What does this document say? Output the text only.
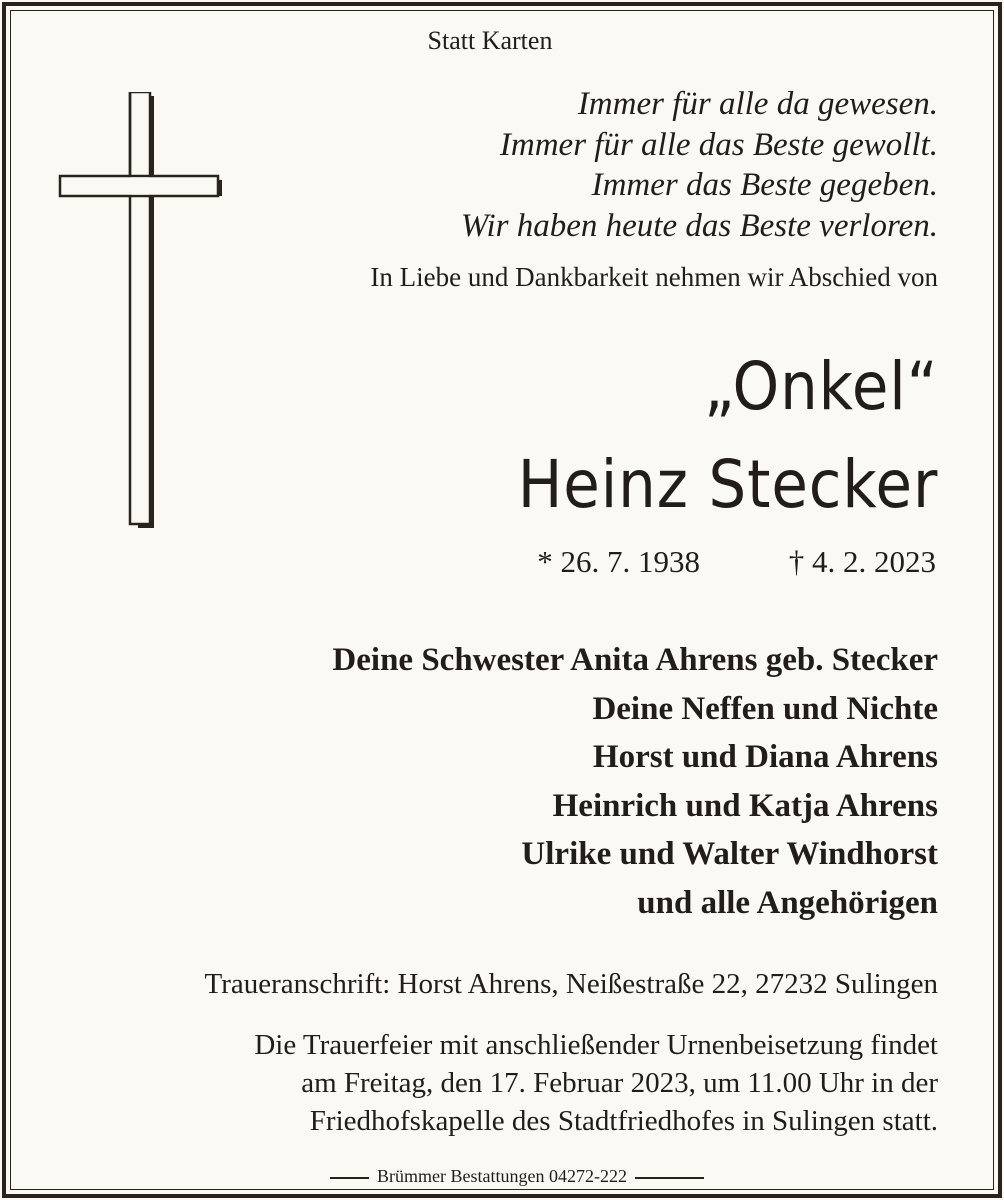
Statt Karten
Immer für alle da gewesen.
Immer für alle das Beste gewollt.
Immer das Beste gegeben.
Wir haben heute das Beste verloren.
In Liebe und Dankbarkeit nehmen wir Abschied von
„Onkel“
Heinz Stecker
* 26. 7. 1938	† 4. 2. 2023
Deine Schwester Anita Ahrens geb. Stecker
Deine Neffen und Nichte
Horst und Diana Ahrens
Heinrich und Katja Ahrens
Ulrike und Walter Windhorst
und alle Angehörigen
Traueranschrift: Horst Ahrens, Neißestraße 22, 27232 Sulingen
Die Trauerfeier mit anschließender Urnenbeisetzung findet
am Freitag, den 17. Februar 2023, um 11.00 Uhr in der
Friedhofskapelle des Stadtfriedhofes in Sulingen statt.
Brümmer Bestattungen 04272-222
